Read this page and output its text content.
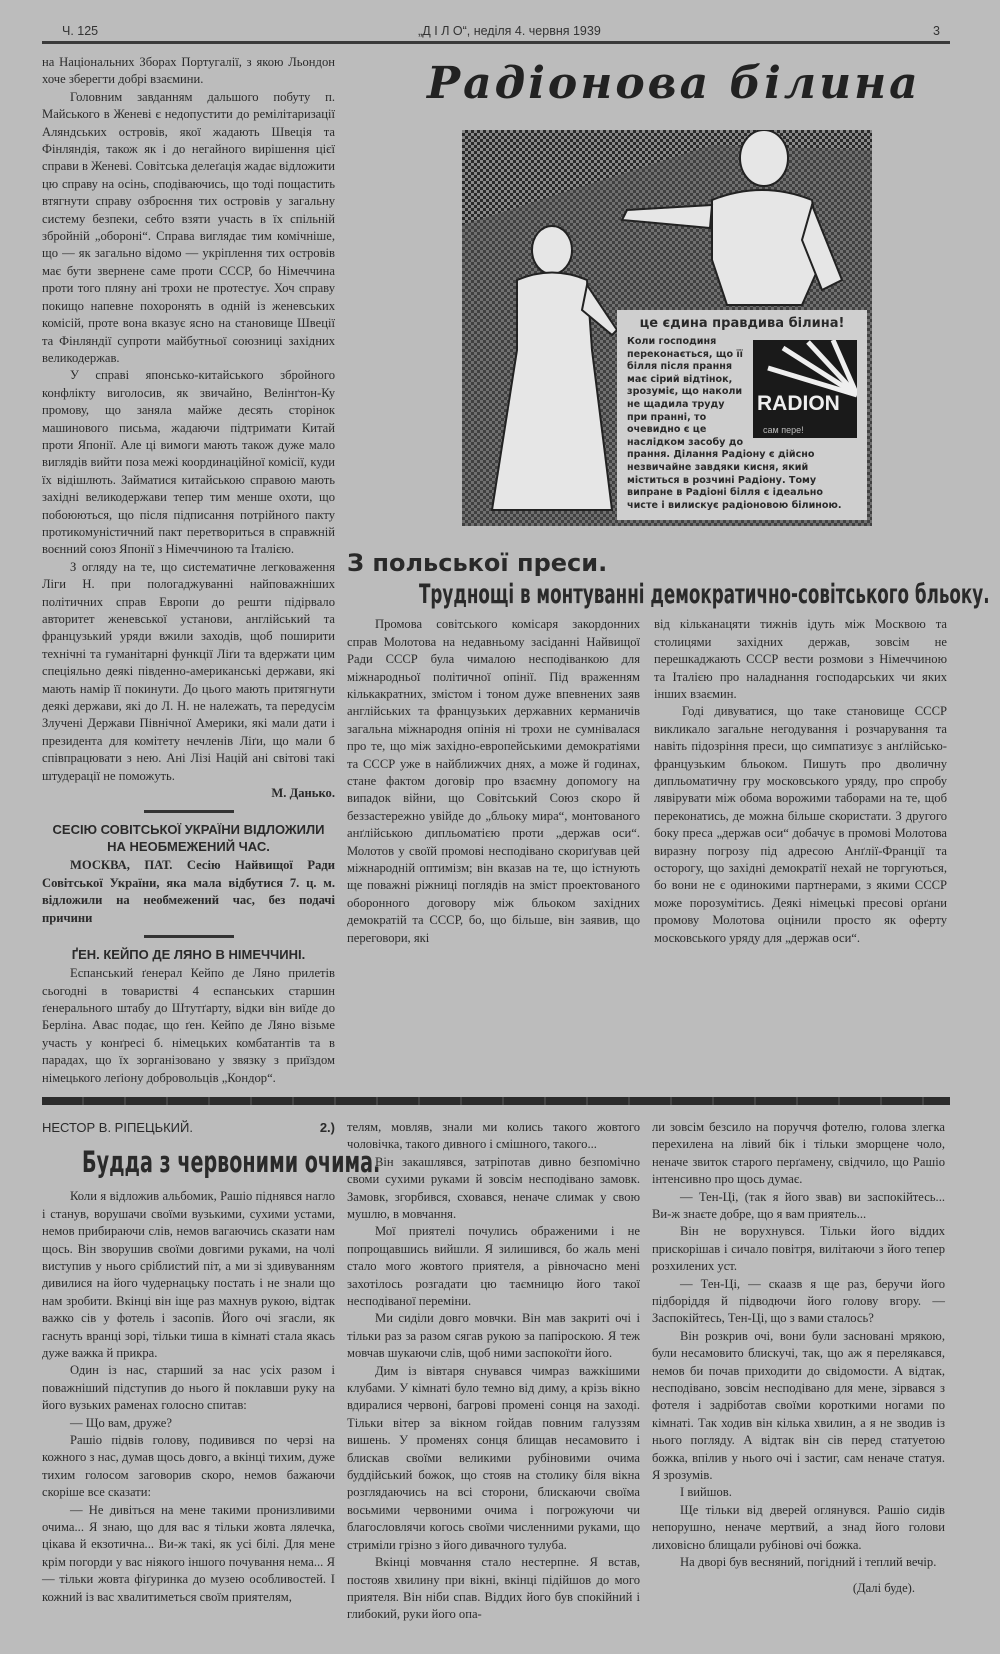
Ч. 125	„Д І Л О“, неділя 4. червня 1939	3

на Національних Зборах Португалії, з якою Льондон хоче зберегти добрі взаємини.

Головним завданням дальшого побуту п. Майського в Женеві є недопустити до ремілітаризації Аляндських островів, якої жадають Швеція та Фінляндія, також як і до негайного вирішення цієї справи в Женеві. Совітська делеґація жадає відложити цю справу на осінь, сподіваючись, що тоді пощастить втягнути справу озброєння тих островів у загальну систему безпеки, себто взяти участь в їх спільній збройній „обороні“. Справа виглядає тим комічніше, що — як загально відомо — укріплення тих островів має бути звернене саме проти СССР, бо Німеччина проти того пляну ані трохи не протестує. Хоч справу покищо напевне похоронять в одній із женевських комісій, проте вона вказує ясно на становище Швеції та Фінляндії супроти майбутньої союзниці західних великодержав.

У справі японсько-китайського збройного конфлікту виголосив, як звичайно, Велінґтон-Ку промову, що заняла майже десять сторінок машинового письма, жадаючи підтримати Китай проти Японії. Але ці вимоги мають також дуже мало виглядів вийти поза межі координаційної комісії, куди їх відішлють. Займатися китайською справою мають західні великодержави тепер тим менше охоти, що побоюються, що після підписання потрійного пакту протикомуністичний пакт перетвориться в справжній воєнний союз Японії з Німеччиною та Італією.

З огляду на те, що систематичне легковаження Ліги Н. при пологаджуванні найповажніших політичних справ Европи до решти підірвало авторитет женевської установи, англійський та французький уряди вжили заходів, щоб поширити технічні та гуманітарні функції Ліґи та вдержати цим спеціяльно деякі південно-американські держави, які мають намір її покинути. До цього мають притягнути деякі держави, які до Л. Н. не належать, та передусім Злучені Держави Північної Америки, які мали дати і президента для комітету нечленів Ліґи, що мали б співпрацювати з нею. Ані Лізі Націй ані світові такі штудерації не поможуть.

М. Данько.
СЕСІЮ СОВІТСЬКОЇ УКРАЇНИ ВІДЛОЖИЛИ НА НЕОБМЕЖЕНИЙ ЧАС.

МОСКВА, ПАТ. Сесію Найвищої Ради Совітської України, яка мала відбутися 7. ц. м. відложили на необмежений час, без подачі причини

ҐЕН. КЕЙПО ДЕ ЛЯНО В НІМЕЧЧИНІ.

Еспанський ґенерал Кейпо де Ляно прилетів сьогодні в товаристві 4 еспанських старшин ґенерального штабу до Штутґарту, відки він виїде до Берліна. Авас подає, що ґен. Кейпо де Ляно візьме участь у конґресі б. німецьких комбатантів та в парадах, що їх зорганізовано у звязку з приїздом німецького леґіону добровольців „Кондор“.

Радіонова білина
це єдина правдива білина!
RADION
сам пере!

Коли господиня переконається, що її білля після прання має сірий відтінок, зрозуміє, що наколи не щадила труду при пранні, то очевидно є це наслідком засобу до прання. Ділання Радіону є дійсно незвичайне завдяки кисня, який міститься в розчині Радіону. Тому випране в Радіоні білля є ідеально чисте і вилискує радіоновою білиною.

З польської преси.
Труднощі в монтуванні демократично-совітського бльоку.

Промова совітського комісаря закордонних справ Молотова на недавньому засіданні Найвищої Ради СССР була чималою несподіванкою для міжнародньої політичної опінії. Під враженням кількакратних, змістом і тоном дуже впевнених заяв англійських та французьких державних керманичів загальна міжнародня опінія ні трохи не сумнівалася про те, що між західно-европейськими демократіями та СССР уже в найближчих днях, а може й годинах, стане фактом договір про взаємну допомогу на випадок війни, що Совітський Союз скоро й беззастережно увійде до „бльоку мира“, монтованого анґлійською дипльоматією проти „держав оси“. Молотов у своїй промові несподівано скориґував цей міжнародній оптимізм; він вказав на те, що істнують ще поважні ріжниці поглядів на зміст проектованого оборонного договору між бльоком західних демократій та СССР, бо, що більше, він заявив, що переговори, які

від кільканацяти тижнів ідуть між Москвою та столицями західних держав, зовсім не перешкаджають СССР вести розмови з Німеччиною та Італією про наладнання господарських чи яких інших взаємин.

Годі дивуватися, що таке становище СССР викликало загальне негодування і розчарування та навіть підозріння преси, що симпатизує з анґлійсько-французьким бльоком. Пишуть про дволичну дипльоматичну гру московського уряду, про спробу лявірувати між обома ворожими таборами на те, щоб переконатись, де можна більше скористати. З другого боку преса „держав оси“ добачує в промові Молотова виразну погрозу під адресою Анґлії-Франції та осторогу, що західні демократії нехай не торгуються, бо вони не є одинокими партнерами, з якими СССР може порозумітись. Деякі німецькі пресові орґани промову Молотова оцінили просто як оферту московського уряду для „держав оси“.

НЕСТОР В. РІПЕЦЬКИЙ.	2.)
Будда з червоними очима.

Коли я відложив альбомик, Рашіо піднявся нагло і станув, ворушачи своїми вузькими, сухими устами, немов прибираючи слів, немов вагаючись сказати нам щось. Він зворушив своїми довгими руками, на чолі виступив у нього сріблистий піт, а ми зі здивуванням дивилися на його чудернацьку постать і не знали що нам зробити. Вкінці він іще раз махнув рукою, відтак важко сів у фотель і засопів. Його очі згасли, як гаснуть вранці зорі, тільки тиша в кімнаті стала якась дуже важка й прикра.

Один із нас, старший за нас усіх разом і поважніший підступив до нього й поклавши руку на його вузьких раменах голосно спитав:

— Що вам, друже?

Рашіо підвів голову, подивився по черзі на кожного з нас, думав щось довго, а вкінці тихим, дуже тихим голосом заговорив скоро, немов бажаючи скоріше все сказати:

— Не дивіться на мене такими пронизливими очима... Я знаю, що для вас я тільки жовта лялечка, цікава й екзотична... Ви-ж такі, як усі білі. Для мене крім погорди у вас ніякого іншого почування нема... Я — тільки жовта фіґуринка до музею особливостей. І кожний із вас хвалитиметься своїм приятелям,

телям, мовляв, знали ми колись такого жовтого чоловічка, такого дивного і смішного, такого...

Він закашлявся, затріпотав дивно безпомічно своми сухими руками й зовсім несподівано замовк. Замовк, згорбився, сховався, неначе слимак у свою мушлю, в мовчання.

Мої приятелі почулись ображеними і не попрощавшись вийшли. Я зилишився, бо жаль мені стало мого жовтого приятеля, а рівночасно мені захотілось розгадати цю таємницю його такої несподіваної переміни.

Ми сиділи довго мовчки. Він мав закриті очі і тільки раз за разом сягав рукою за папіроскою. Я теж мовчав шукаючи слів, щоб ними заспокоїти його.

Дим із вівтаря снувався чимраз важкішими клубами. У кімнаті було темно від диму, а крізь вікно вдиралися червоні, багрові промені сонця на заході. Тільки вітер за вікном гойдав повним галуззям вишень. У променях сонця блищав несамовито і блискав своїми великими рубіновими очима буддійський божок, що стояв на столику біля вікна розглядаючись на всі сторони, блискаючи своїма восьмими червоними очима і погрожуючи чи благословлячи когось своїми численними руками, що стриміли грізно з його дивачного тулуба.

Вкінці мовчання стало нестерпне. Я встав, постояв хвилину при вікні, вкінці підійшов до мого приятеля. Він ніби спав. Віддих його був спокійний і глибокий, руки його опа-

ли зовсім безсило на поруччя фотелю, голова злегка перехилена на лівий бік і тільки зморщене чоло, неначе звиток старого перґамену, свідчило, що Рашіо інтенсивно про щось думає.

— Тен-Ці, (так я його звав) ви заспокійтесь... Ви-ж знаєте добре, що я вам приятель...

Він не ворухнувся. Тільки його віддих прискорішав і сичало повітря, вилітаючи з його тепер розхилених уст.

— Тен-Ці, — скаазв я ще раз, беручи його підборіддя й підводючи його голову вгору. — Заспокійтесь, Тен-Ці, що з вами сталось?

Він розкрив очі, вони були заснованi мрякою, були несамовито блискучі, так, що аж я перелякався, немов би почав приходити до свідомости. А відтак, несподівано, зовсім несподівано для мене, зірвався з фотеля і задріботав своїми короткими ногами по кімнаті. Так ходив він кілька хвилин, а я не зводив із нього погляду. А відтак він сів перед статуетою божка, впілив у нього очі і застиг, сам неначе статуя. Я зрозумів.

І вийшов.

Ще тільки від дверей оглянувся. Рашіо сидів непорушно, неначе мертвий, а знад його голови лиховісно блищали рубінові очі божка.

На дворі був весняний, погідний і теплий вечір.

(Далі буде).
